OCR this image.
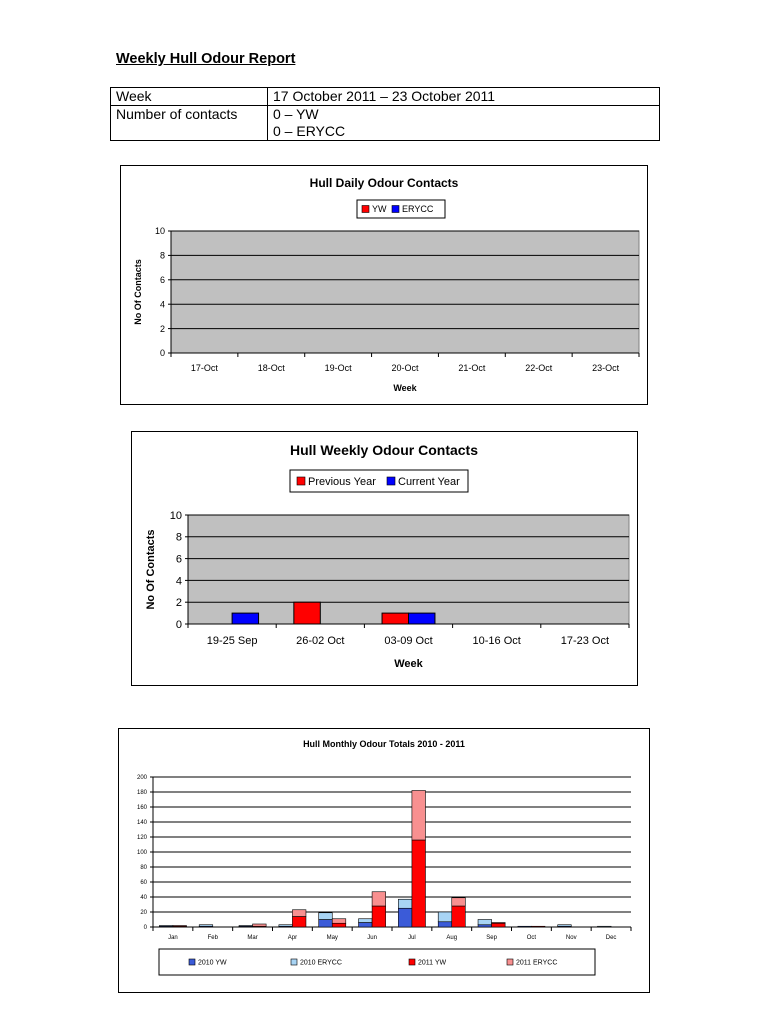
Weekly Hull Odour Report
Week	17 October 2011 – 23 October 2011
Number of contacts	0 – YW
0 – ERYCC
Hull Daily Odour Contacts
0
2
4
6
8
10
17-Oct	18-Oct	19-Oct	20-Oct	21-Oct	22-Oct	23-Oct
Week
No Of Contacts
YW ERYCC
Hull Weekly Odour Contacts
0
2
4
6
8
10
19-25 Sep	26-02 Oct	03-09 Oct	10-16 Oct	17-23 Oct
Week
No Of Contacts
Previous Year Current Year
Hull Monthly Odour Totals 2010 - 2011
0
20
40
60
80
100
120
140
160
180
200
Jan	Feb	Mar	Apr	May	Jun	Jul	Aug	Sep	Oct	Nov	Dec
2010 YW	2010 ERYCC	2011 YW	2011 ERYCC
